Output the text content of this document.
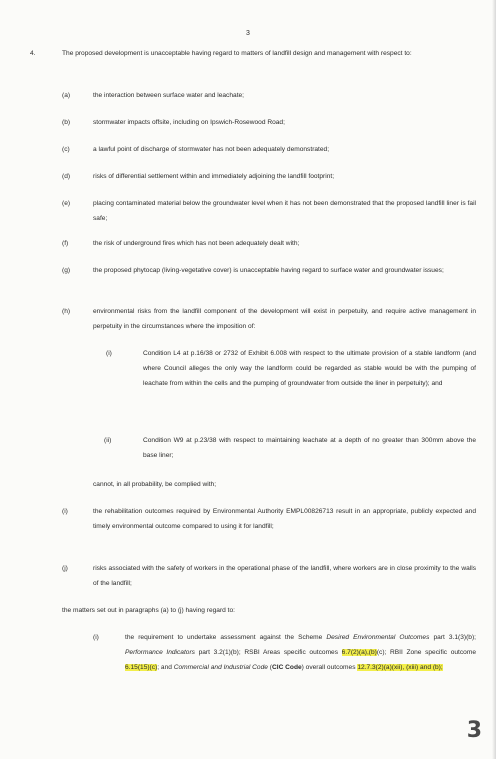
3
4.	The proposed development is unacceptable having regard to matters of landfill design and management with respect to:
(a)	the interaction between surface water and leachate;
(b)	stormwater impacts offsite, including on Ipswich-Rosewood Road;
(c)	a lawful point of discharge of stormwater has not been adequately demonstrated;
(d)	risks of differential settlement within and immediately adjoining the landfill footprint;
(e)	placing contaminated material below the groundwater level when it has not been demonstrated that the proposed landfill liner is fail safe;
(f)	the risk of underground fires which has not been adequately dealt with;
(g)	the proposed phytocap (living-vegetative cover) is unacceptable having regard to surface water and groundwater issues;
(h)	environmental risks from the landfill component of the development will exist in perpetuity, and require active management in perpetuity in the circumstances where the imposition of:
(i)	Condition L4 at p.16/38 or 2732 of Exhibit 6.008 with respect to the ultimate provision of a stable landform (and where Council alleges the only way the landform could be regarded as stable would be with the pumping of leachate from within the cells and the pumping of groundwater from outside the liner in perpetuity); and
(ii)	Condition W9 at p.23/38 with respect to maintaining leachate at a depth of no greater than 300mm above the base liner;
cannot, in all probability, be complied with;
(i)	the rehabilitation outcomes required by Environmental Authority EMPL00826713 result in an appropriate, publicly expected and timely environmental outcome compared to using it for landfill;
(j)	risks associated with the safety of workers in the operational phase of the landfill, where workers are in close proximity to the walls of the landfill;
the matters set out in paragraphs (a) to (j) having regard to:
(i)	the requirement to undertake assessment against the Scheme Desired Environmental Outcomes part 3.1(3)(b); Performance Indicators part 3.2(1)(b); RSBI Areas specific outcomes 6.7(2)(a),(b)(c); RBII Zone specific outcome 6.15(15)(c); and Commercial and Industrial Code (CIC Code) overall outcomes 12.7.3(2)(a)(xii), (xiii) and (b);
3
